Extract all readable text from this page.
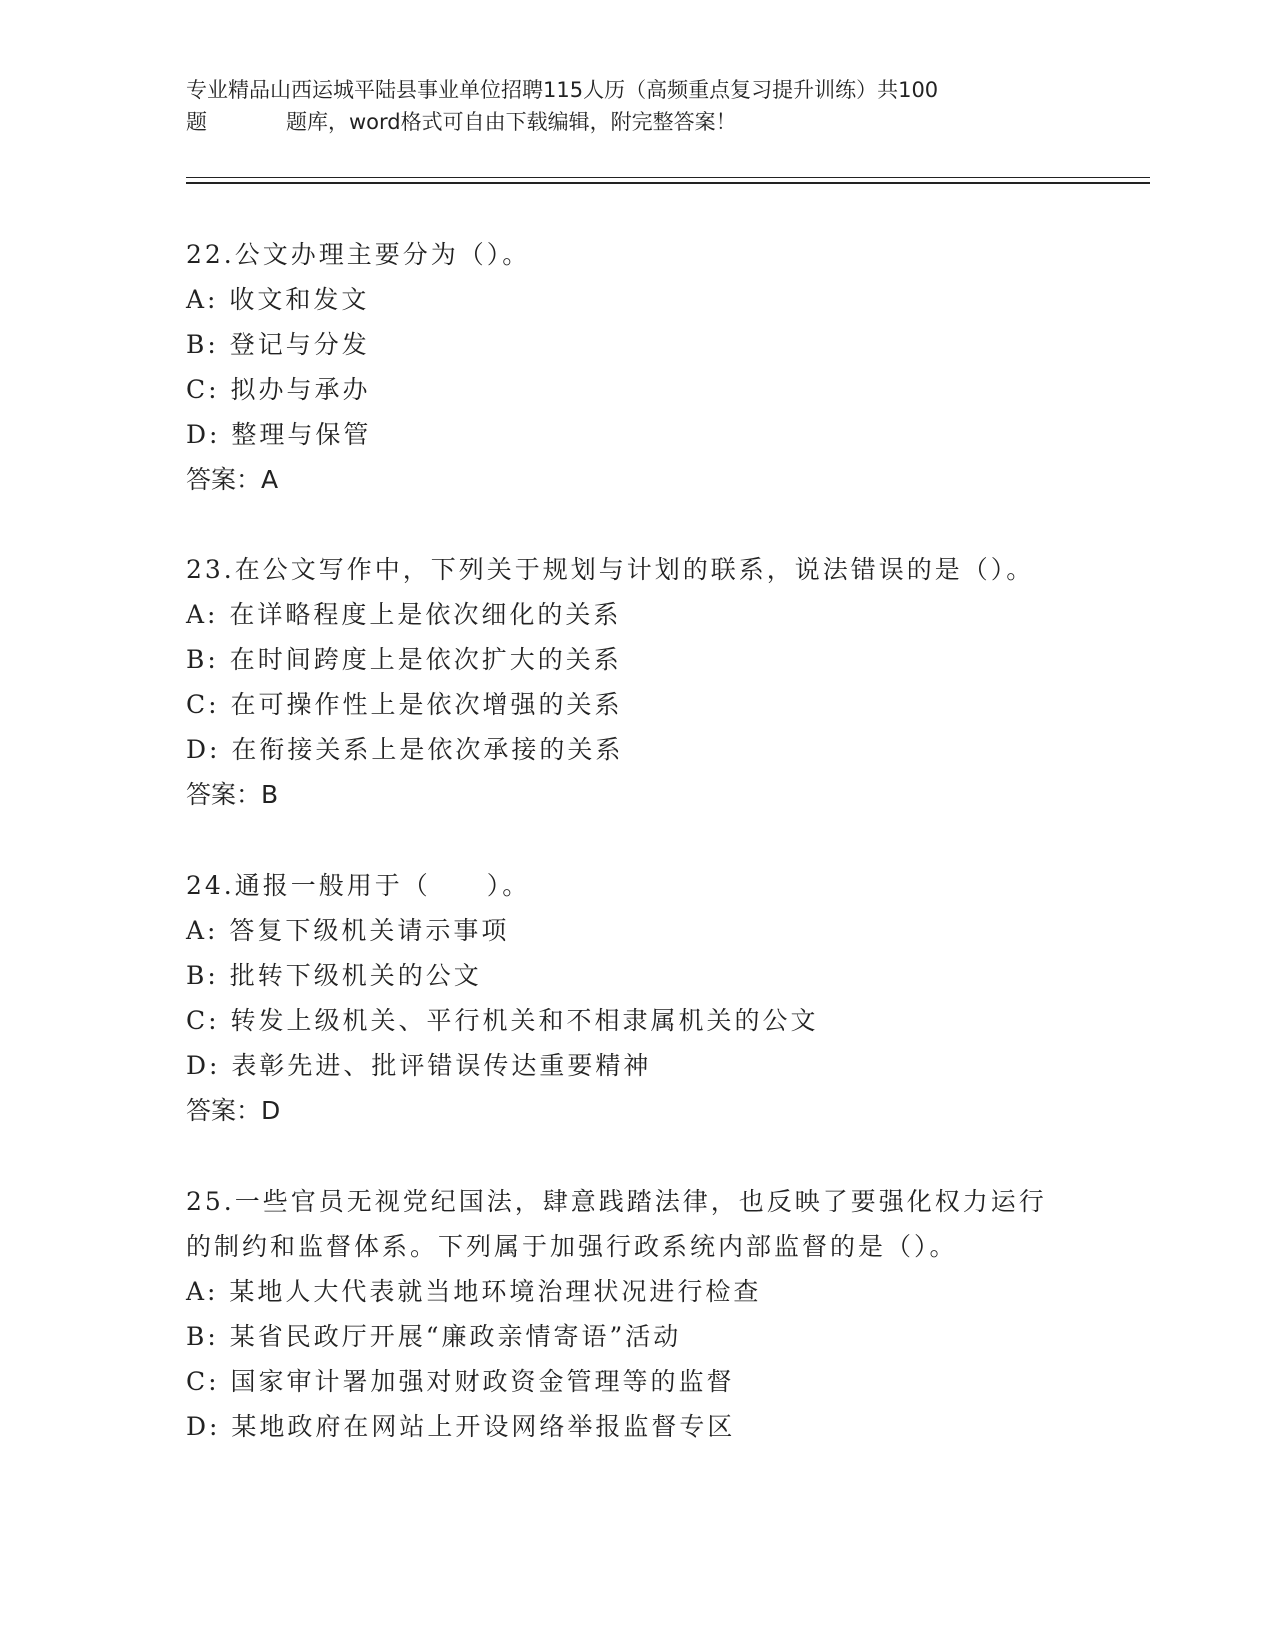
专业精品山西运城平陆县事业单位招聘115人历（高频重点复习提升训练）共100
题	题库，word格式可自由下载编辑，附完整答案！
22.公文办理主要分为（）。
A: 收文和发文
B: 登记与分发
C: 拟办与承办
D: 整理与保管
答案：A
23.在公文写作中，下列关于规划与计划的联系，说法错误的是（）。
A: 在详略程度上是依次细化的关系
B: 在时间跨度上是依次扩大的关系
C: 在可操作性上是依次增强的关系
D: 在衔接关系上是依次承接的关系
答案：B
24.通报一般用于（　　）。
A: 答复下级机关请示事项
B: 批转下级机关的公文
C: 转发上级机关、平行机关和不相隶属机关的公文
D: 表彰先进、批评错误传达重要精神
答案：D
25.一些官员无视党纪国法，肆意践踏法律，也反映了要强化权力运行
的制约和监督体系。下列属于加强行政系统内部监督的是（）。
A: 某地人大代表就当地环境治理状况进行检查
B: 某省民政厅开展“廉政亲情寄语”活动
C: 国家审计署加强对财政资金管理等的监督
D: 某地政府在网站上开设网络举报监督专区
